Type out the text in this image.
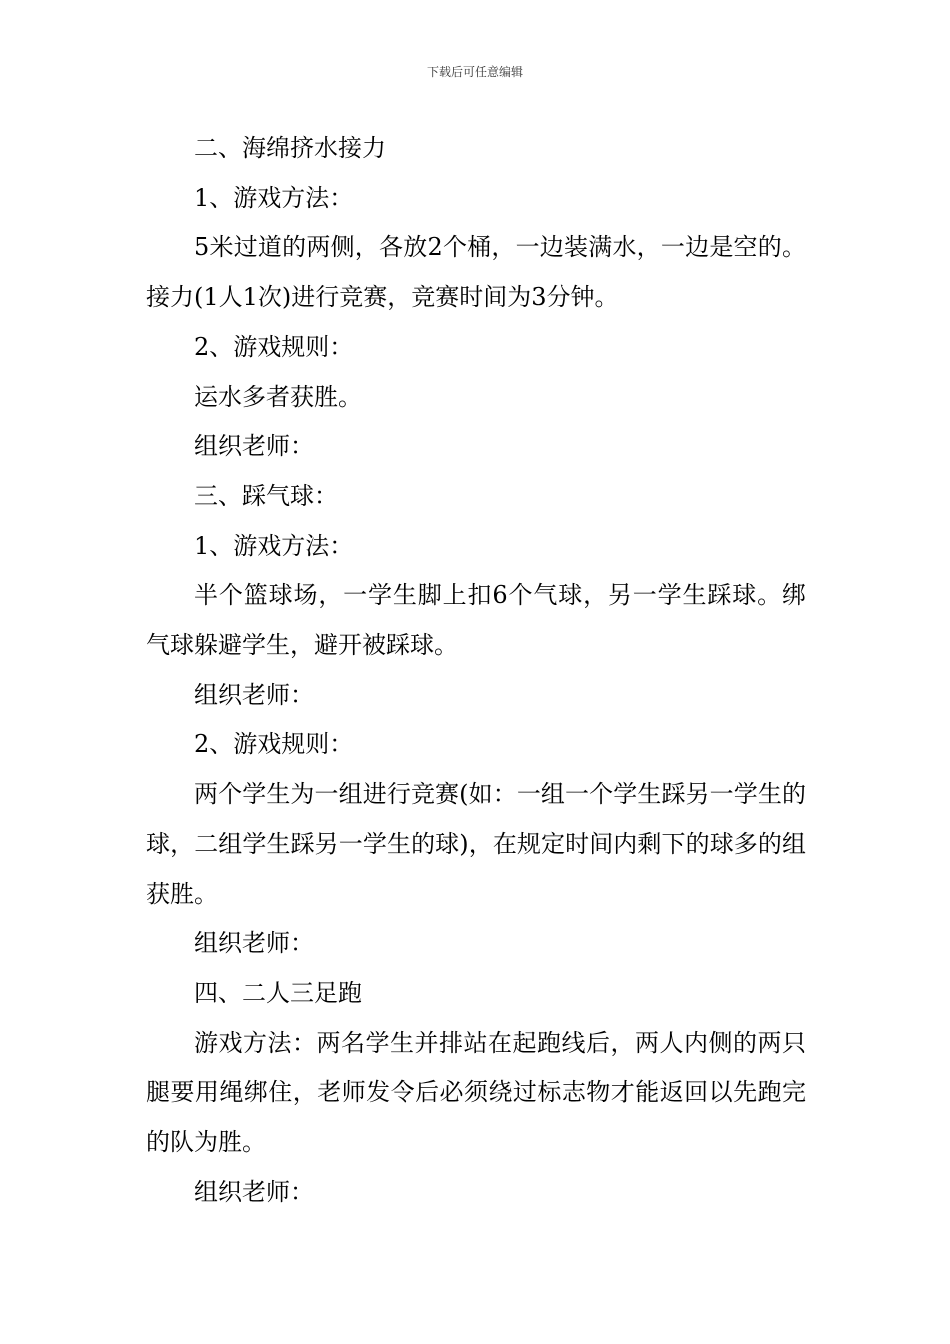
下载后可任意编辑

二、海绵挤水接力

1、游戏方法：

5米过道的两侧，各放2个桶，一边装满水，一边是空的。接力(1人1次)进行竞赛，竞赛时间为3分钟。

2、游戏规则：

运水多者获胜。

组织老师：

三、踩气球：

1、游戏方法：

半个篮球场，一学生脚上扣6个气球，另一学生踩球。绑气球躲避学生，避开被踩球。

组织老师：

2、游戏规则：

两个学生为一组进行竞赛(如：一组一个学生踩另一学生的球，二组学生踩另一学生的球)，在规定时间内剩下的球多的组获胜。

组织老师：

四、二人三足跑

游戏方法：两名学生并排站在起跑线后，两人内侧的两只腿要用绳绑住，老师发令后必须绕过标志物才能返回以先跑完的队为胜。

组织老师：
